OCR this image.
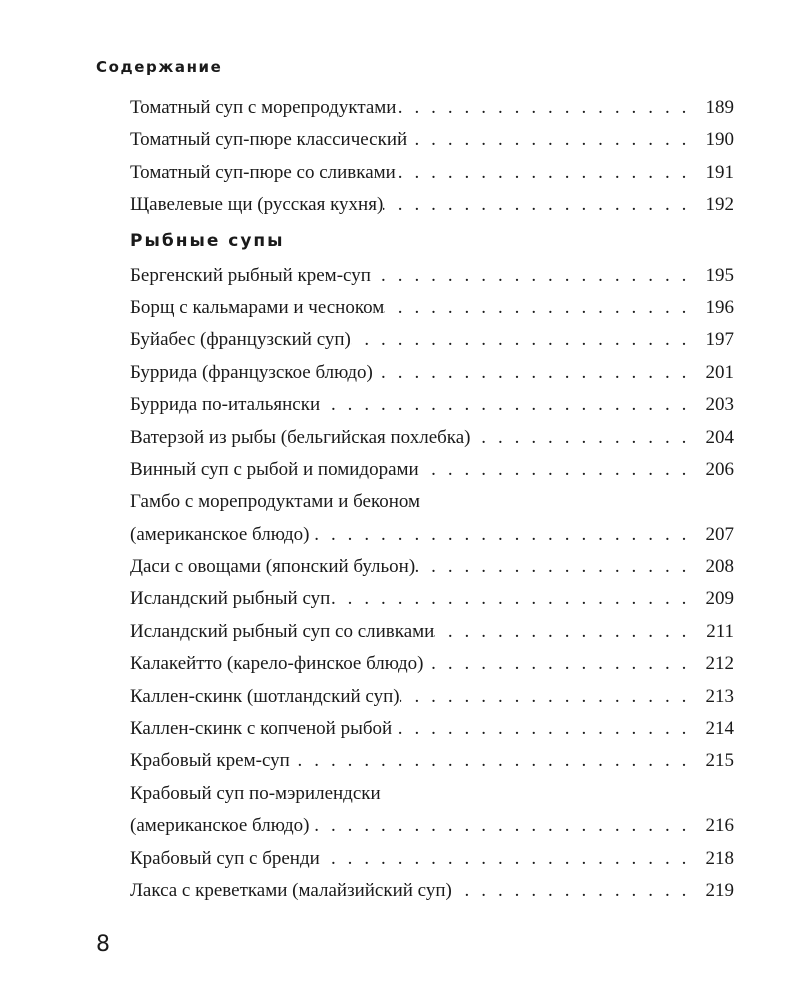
Содержание
Томатный суп с морепродуктами . . .	189
Томатный суп-пюре классический . . .	190
Томатный суп-пюре со сливками . . .	191
Щавелевые щи (русская кухня) . . .	192
Рыбные супы
Бергенский рыбный крем-суп . . .	195
Борщ с кальмарами и чесноком . . .	196
Буйабес (французский суп) . . .	197
Буррида (французское блюдо) . . .	201
Буррида по-итальянски . . .	203
Ватерзой из рыбы (бельгийская похлебка) . . .	204
Винный суп с рыбой и помидорами . . .	206
Гамбо с морепродуктами и беконом
(американское блюдо) . . .	207
Даси с овощами (японский бульон) . . .	208
Исландский рыбный суп . . .	209
Исландский рыбный суп со сливками . . .	211
Калакейтто (карело-финское блюдо) . . .	212
Каллен-скинк (шотландский суп) . . .	213
Каллен-скинк с копченой рыбой . . .	214
Крабовый крем-суп . . .	215
Крабовый суп по-мэрилендски
(американское блюдо) . . .	216
Крабовый суп с бренди . . .	218
Лакса с креветками (малайзийский суп) . . .	219

8
